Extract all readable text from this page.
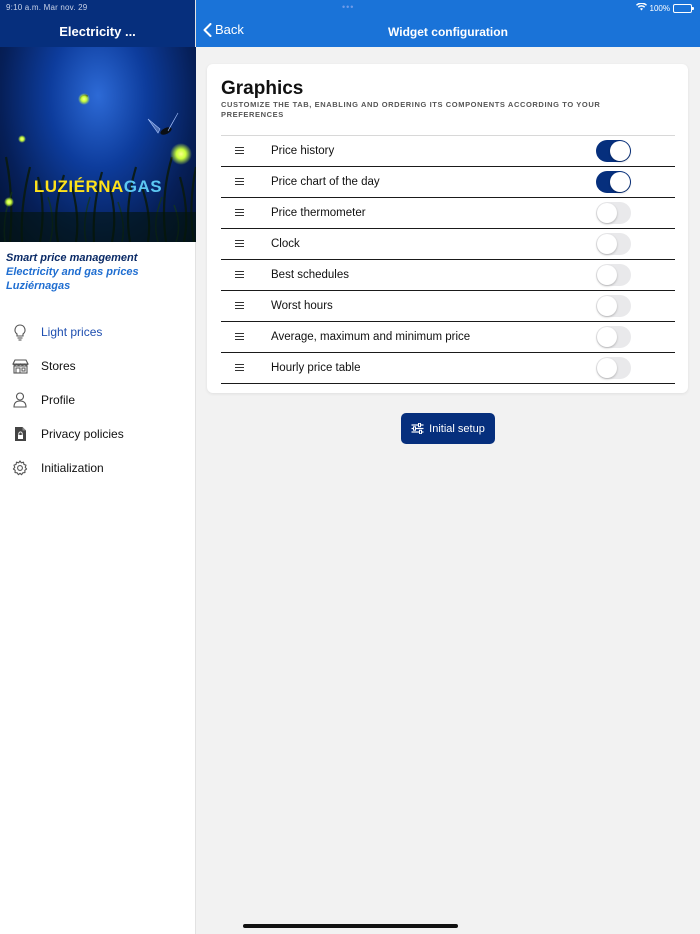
9:10 a.m. Mar nov. 29	•••	100%
Electricity ...
LUZIÉRNAGAS
Smart price management
Electricity and gas prices
Luziérnagas
Light prices
Stores
Profile
Privacy policies
Initialization
Back	Widget configuration
Graphics
CUSTOMIZE THE TAB, ENABLING AND ORDERING ITS COMPONENTS ACCORDING TO YOUR PREFERENCES
Price history
Price chart of the day
Price thermometer
Clock
Best schedules
Worst hours
Average, maximum and minimum price
Hourly price table
Initial setup
